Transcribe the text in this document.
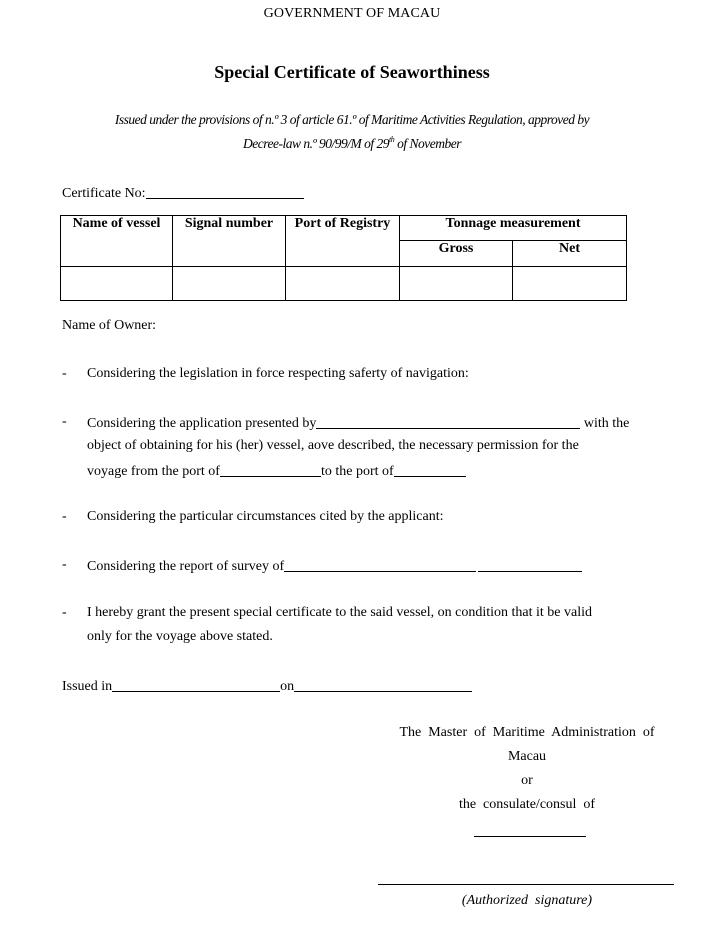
GOVERNMENT OF MACAU
Special Certificate of Seaworthiness
Issued under the provisions of n.º 3 of article 61.º of Maritime Activities Regulation, approved by
Decree-law n.º 90/99/M of 29th of November
Certificate No:
Name of vessel	Signal number	Port of Registry	Tonnage measurement	
			Gross	Net

Name of Owner:
- Considering the legislation in force respecting saferty of navigation:
- Considering the application presented by	with the
object of obtaining for his (her) vessel, aove described, the necessary permission for the
voyage from the port of	to the port of
- Considering the particular circumstances cited by the applicant:
- Considering the report of survey of
- I hereby grant the present special certificate to the said vessel, on condition that it be valid
only for the voyage above stated.
Issued in	on
The  Master  of  Maritime  Administration  of
Macau
or
the  consulate/consul  of
(Authorized  signature)
